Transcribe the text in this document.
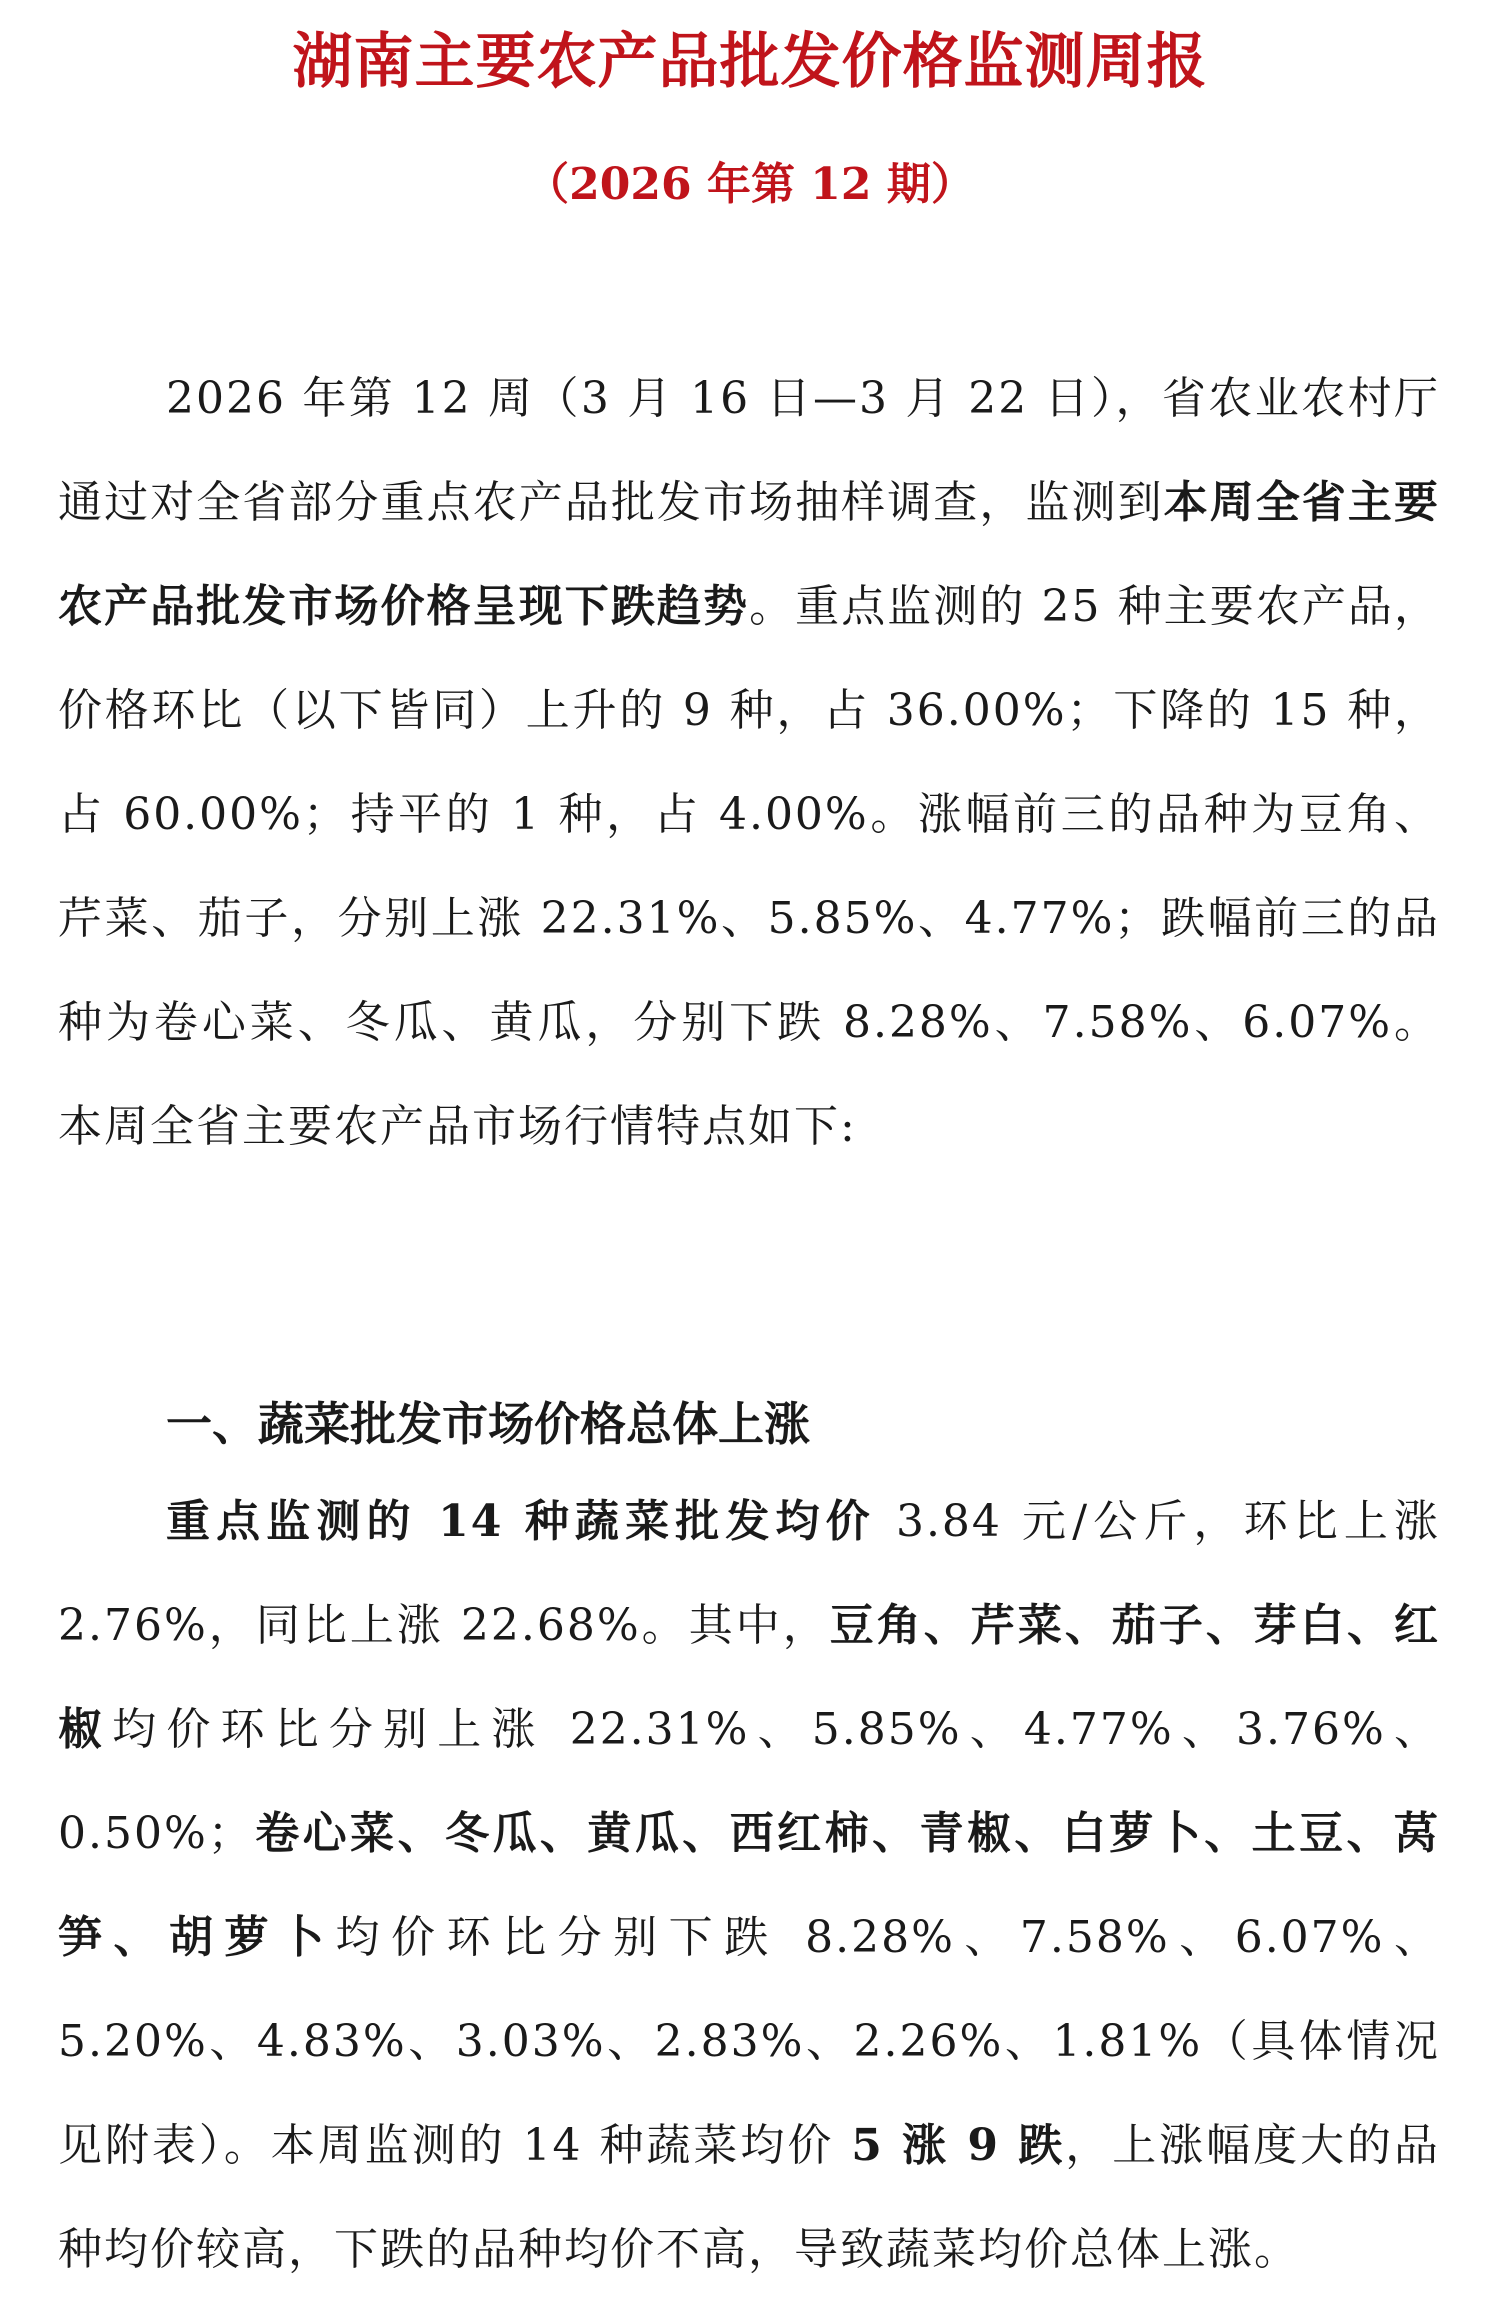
湖南主要农产品批发价格监测周报
（2026 年第 12 期）

2026 年第 12 周（3 月 16 日—3 月 22 日），省农业农村厅通过对全省部分重点农产品批发市场抽样调查，监测到本周全省主要农产品批发市场价格呈现下跌趋势。重点监测的 25 种主要农产品，价格环比（以下皆同）上升的 9 种，占 36.00%；下降的 15 种，占 60.00%；持平的 1 种，占 4.00%。涨幅前三的品种为豆角、芹菜、茄子，分别上涨 22.31%、5.85%、4.77%；跌幅前三的品种为卷心菜、冬瓜、黄瓜，分别下跌 8.28%、7.58%、6.07%。本周全省主要农产品市场行情特点如下:

一、蔬菜批发市场价格总体上涨

重点监测的 14 种蔬菜批发均价 3.84 元/公斤，环比上涨 2.76%，同比上涨 22.68%。其中，豆角、芹菜、茄子、芽白、红椒均价环比分别上涨 22.31%、5.85%、4.77%、3.76%、0.50%；卷心菜、冬瓜、黄瓜、西红柿、青椒、白萝卜、土豆、莴笋、胡萝卜均价环比分别下跌 8.28%、7.58%、6.07%、5.20%、4.83%、3.03%、2.83%、2.26%、1.81%（具体情况见附表）。本周监测的 14 种蔬菜均价 5 涨 9 跌，上涨幅度大的品种均价较高，下跌的品种均价不高，导致蔬菜均价总体上涨。
